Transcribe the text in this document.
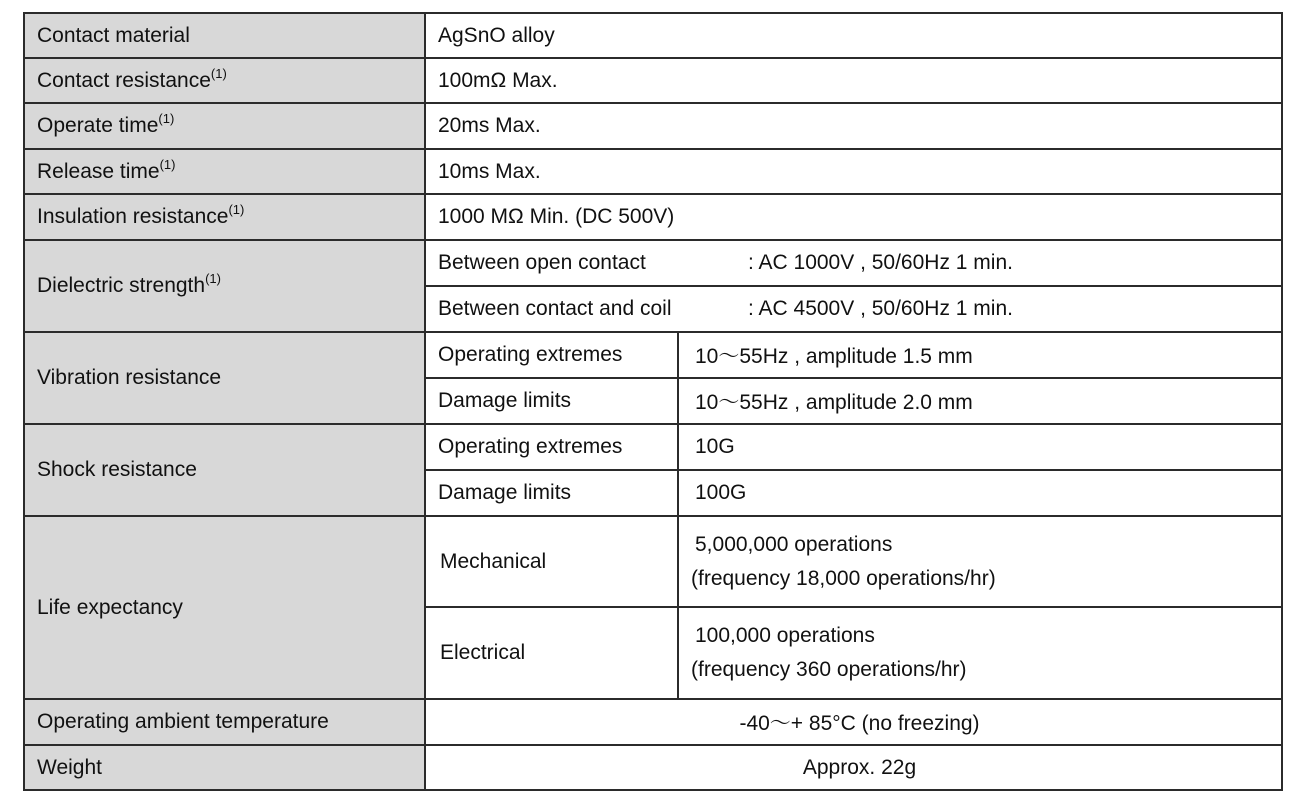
Contact material	AgSnO alloy	
Contact resistance$^{(1)}$	100mΩ Max.	
Operate time$^{(1)}$	20ms Max.	
Release time$^{(1)}$	10ms Max.	
Insulation resistance$^{(1)}$	1000 MΩ Min. (DC 500V)	
Dielectric strength$^{(1)}$	Between open contact : AC 1000V , 50/60Hz 1 min.	
	Between contact and coil : AC 4500V , 50/60Hz 1 min.	
Vibration resistance	Operating extremes	10～55Hz , amplitude 1.5 mm
	Damage limits	10～55Hz , amplitude 2.0 mm
Shock resistance	Operating extremes	10G
	Damage limits	100G
Life expectancy	Mechanical	5,000,000 operations
(frequency 18,000 operations/hr)

	Electrical	100,000 operations
(frequency 360 operations/hr)

Operating ambient temperature	-40～+ 85°C (no freezing)	
Weight	Approx. 22g	
